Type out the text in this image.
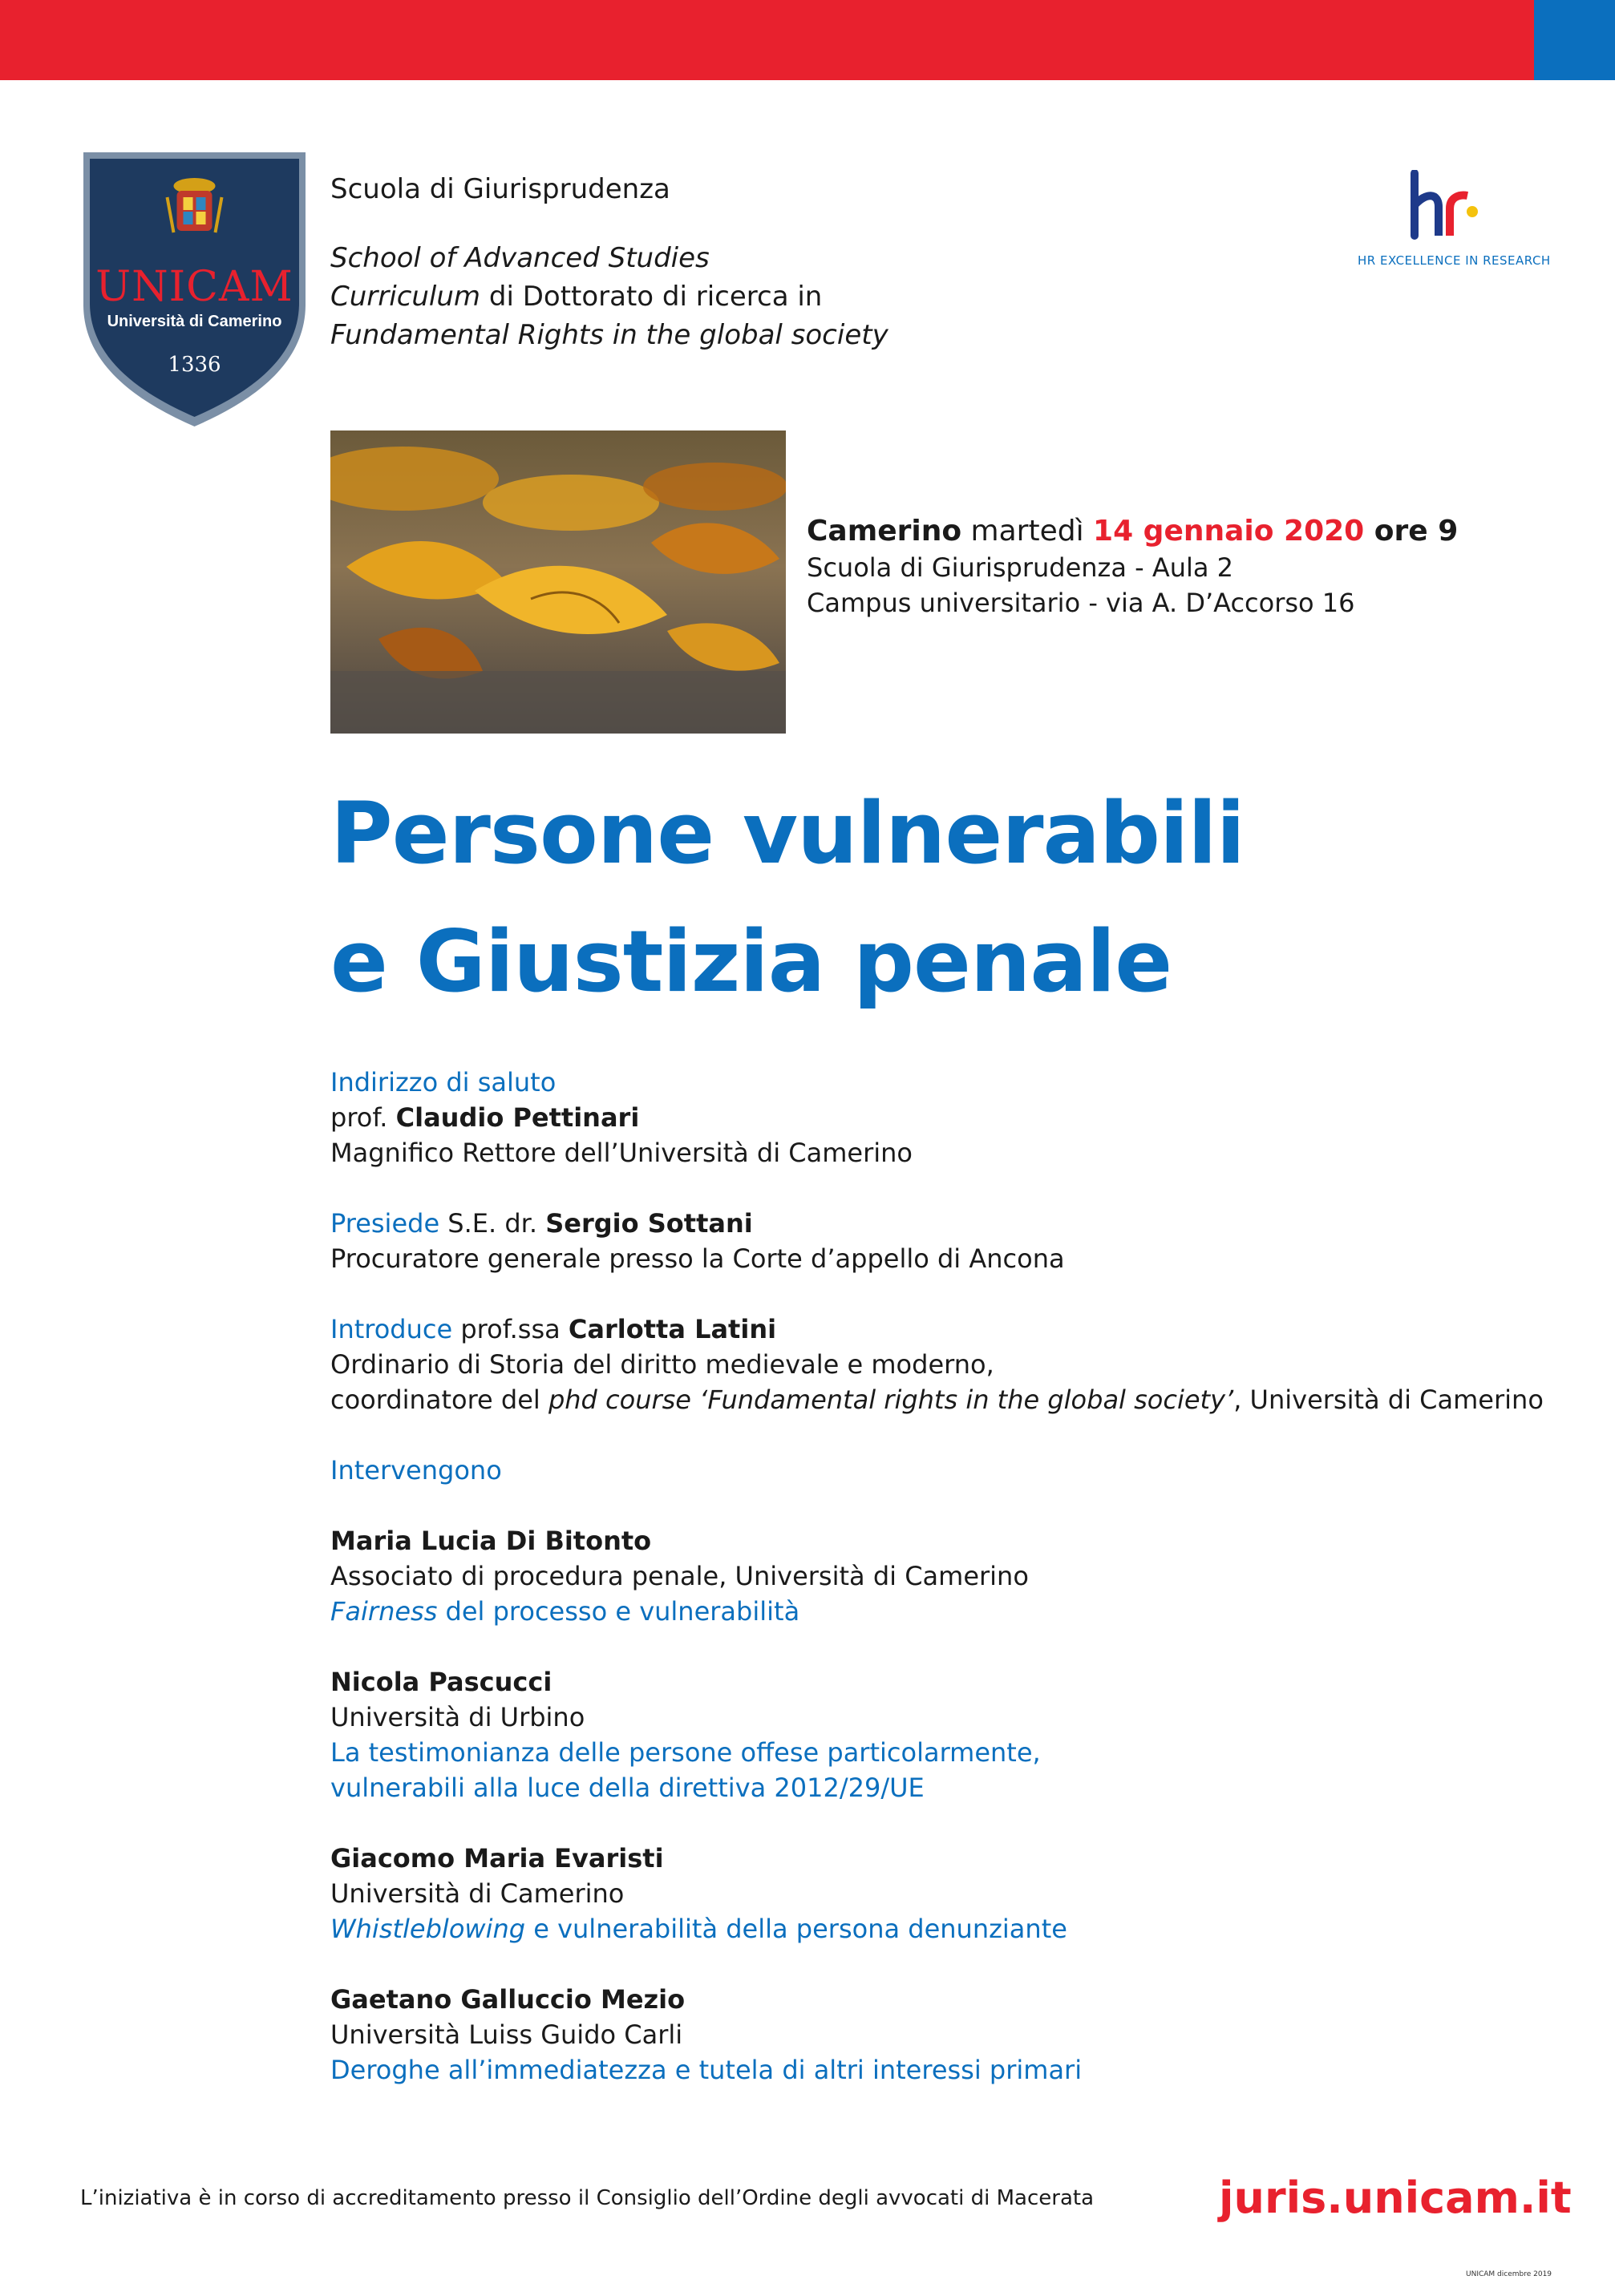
UNICAM
Università di Camerino
1336
Scuola di Giurisprudenza
School of Advanced Studies
Curriculum di Dottorato di ricerca in
Fundamental Rights in the global society
HR EXCELLENCE IN RESEARCH
Camerino martedì 14 gennaio 2020 ore 9
Scuola di Giurisprudenza - Aula 2
Campus universitario - via A. D’Accorso 16
Persone vulnerabili
e Giustizia penale
Indirizzo di saluto
prof. Claudio Pettinari
Magnifico Rettore dell’Università di Camerino
Presiede S.E. dr. Sergio Sottani
Procuratore generale presso la Corte d’appello di Ancona
Introduce prof.ssa Carlotta Latini
Ordinario di Storia del diritto medievale e moderno,
coordinatore del phd course ‘Fundamental rights in the global society’, Università di Camerino
Intervengono
Maria Lucia Di Bitonto
Associato di procedura penale, Università di Camerino
Fairness del processo e vulnerabilità
Nicola Pascucci
Università di Urbino
La testimonianza delle persone offese particolarmente,
vulnerabili alla luce della direttiva 2012/29/UE
Giacomo Maria Evaristi
Università di Camerino
Whistleblowing e vulnerabilità della persona denunziante
Gaetano Galluccio Mezio
Università Luiss Guido Carli
Deroghe all’immediatezza e tutela di altri interessi primari
L’iniziativa è in corso di accreditamento presso il Consiglio dell’Ordine degli avvocati di Macerata	juris.unicam.it
UNICAM dicembre 2019
